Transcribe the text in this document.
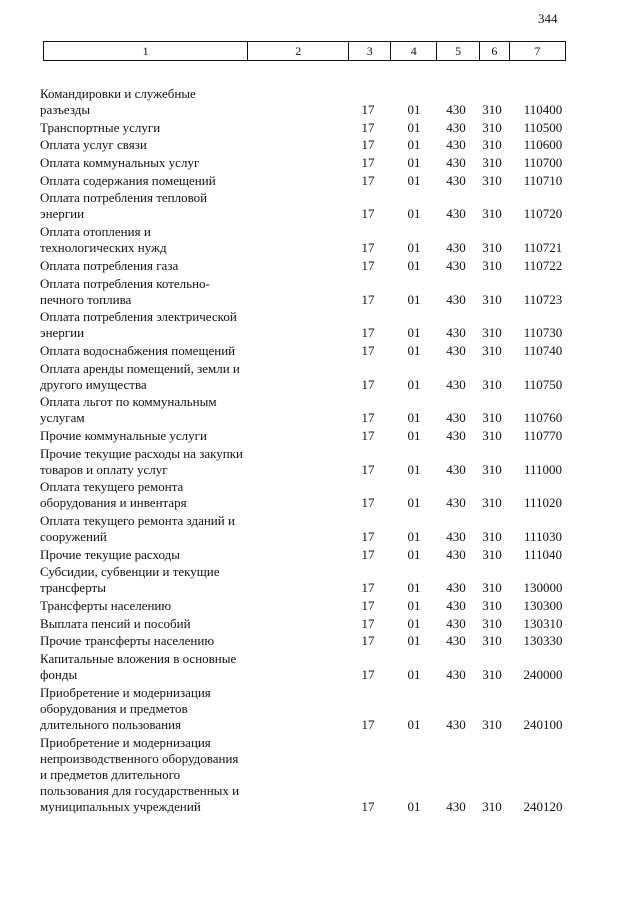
344
1	2	3	4	5	6	7
Командировки и служебные разъезды	17	01	430	310	110400
Транспортные услуги	17	01	430	310	110500
Оплата услуг связи	17	01	430	310	110600
Оплата коммунальных услуг	17	01	430	310	110700
Оплата содержания помещений	17	01	430	310	110710
Оплата потребления тепловой энергии	17	01	430	310	110720
Оплата отопления и технологических нужд	17	01	430	310	110721
Оплата потребления газа	17	01	430	310	110722
Оплата потребления котельно-печного топлива	17	01	430	310	110723
Оплата потребления электрической энергии	17	01	430	310	110730
Оплата водоснабжения помещений	17	01	430	310	110740
Оплата аренды помещений, земли и другого имущества	17	01	430	310	110750
Оплата льгот по коммунальным услугам	17	01	430	310	110760
Прочие коммунальные услуги	17	01	430	310	110770
Прочие текущие расходы на закупки товаров и оплату услуг	17	01	430	310	111000
Оплата текущего ремонта оборудования и инвентаря	17	01	430	310	111020
Оплата текущего ремонта зданий и сооружений	17	01	430	310	111030
Прочие текущие расходы	17	01	430	310	111040
Субсидии, субвенции и текущие трансферты	17	01	430	310	130000
Трансферты населению	17	01	430	310	130300
Выплата пенсий и пособий	17	01	430	310	130310
Прочие трансферты населению	17	01	430	310	130330
Капитальные вложения в основные фонды	17	01	430	310	240000
Приобретение и модернизация оборудования и предметов длительного пользования	17	01	430	310	240100
Приобретение и модернизация непроизводственного оборудования и предметов длительного пользования для государственных и муниципальных учреждений	17	01	430	310	240120
